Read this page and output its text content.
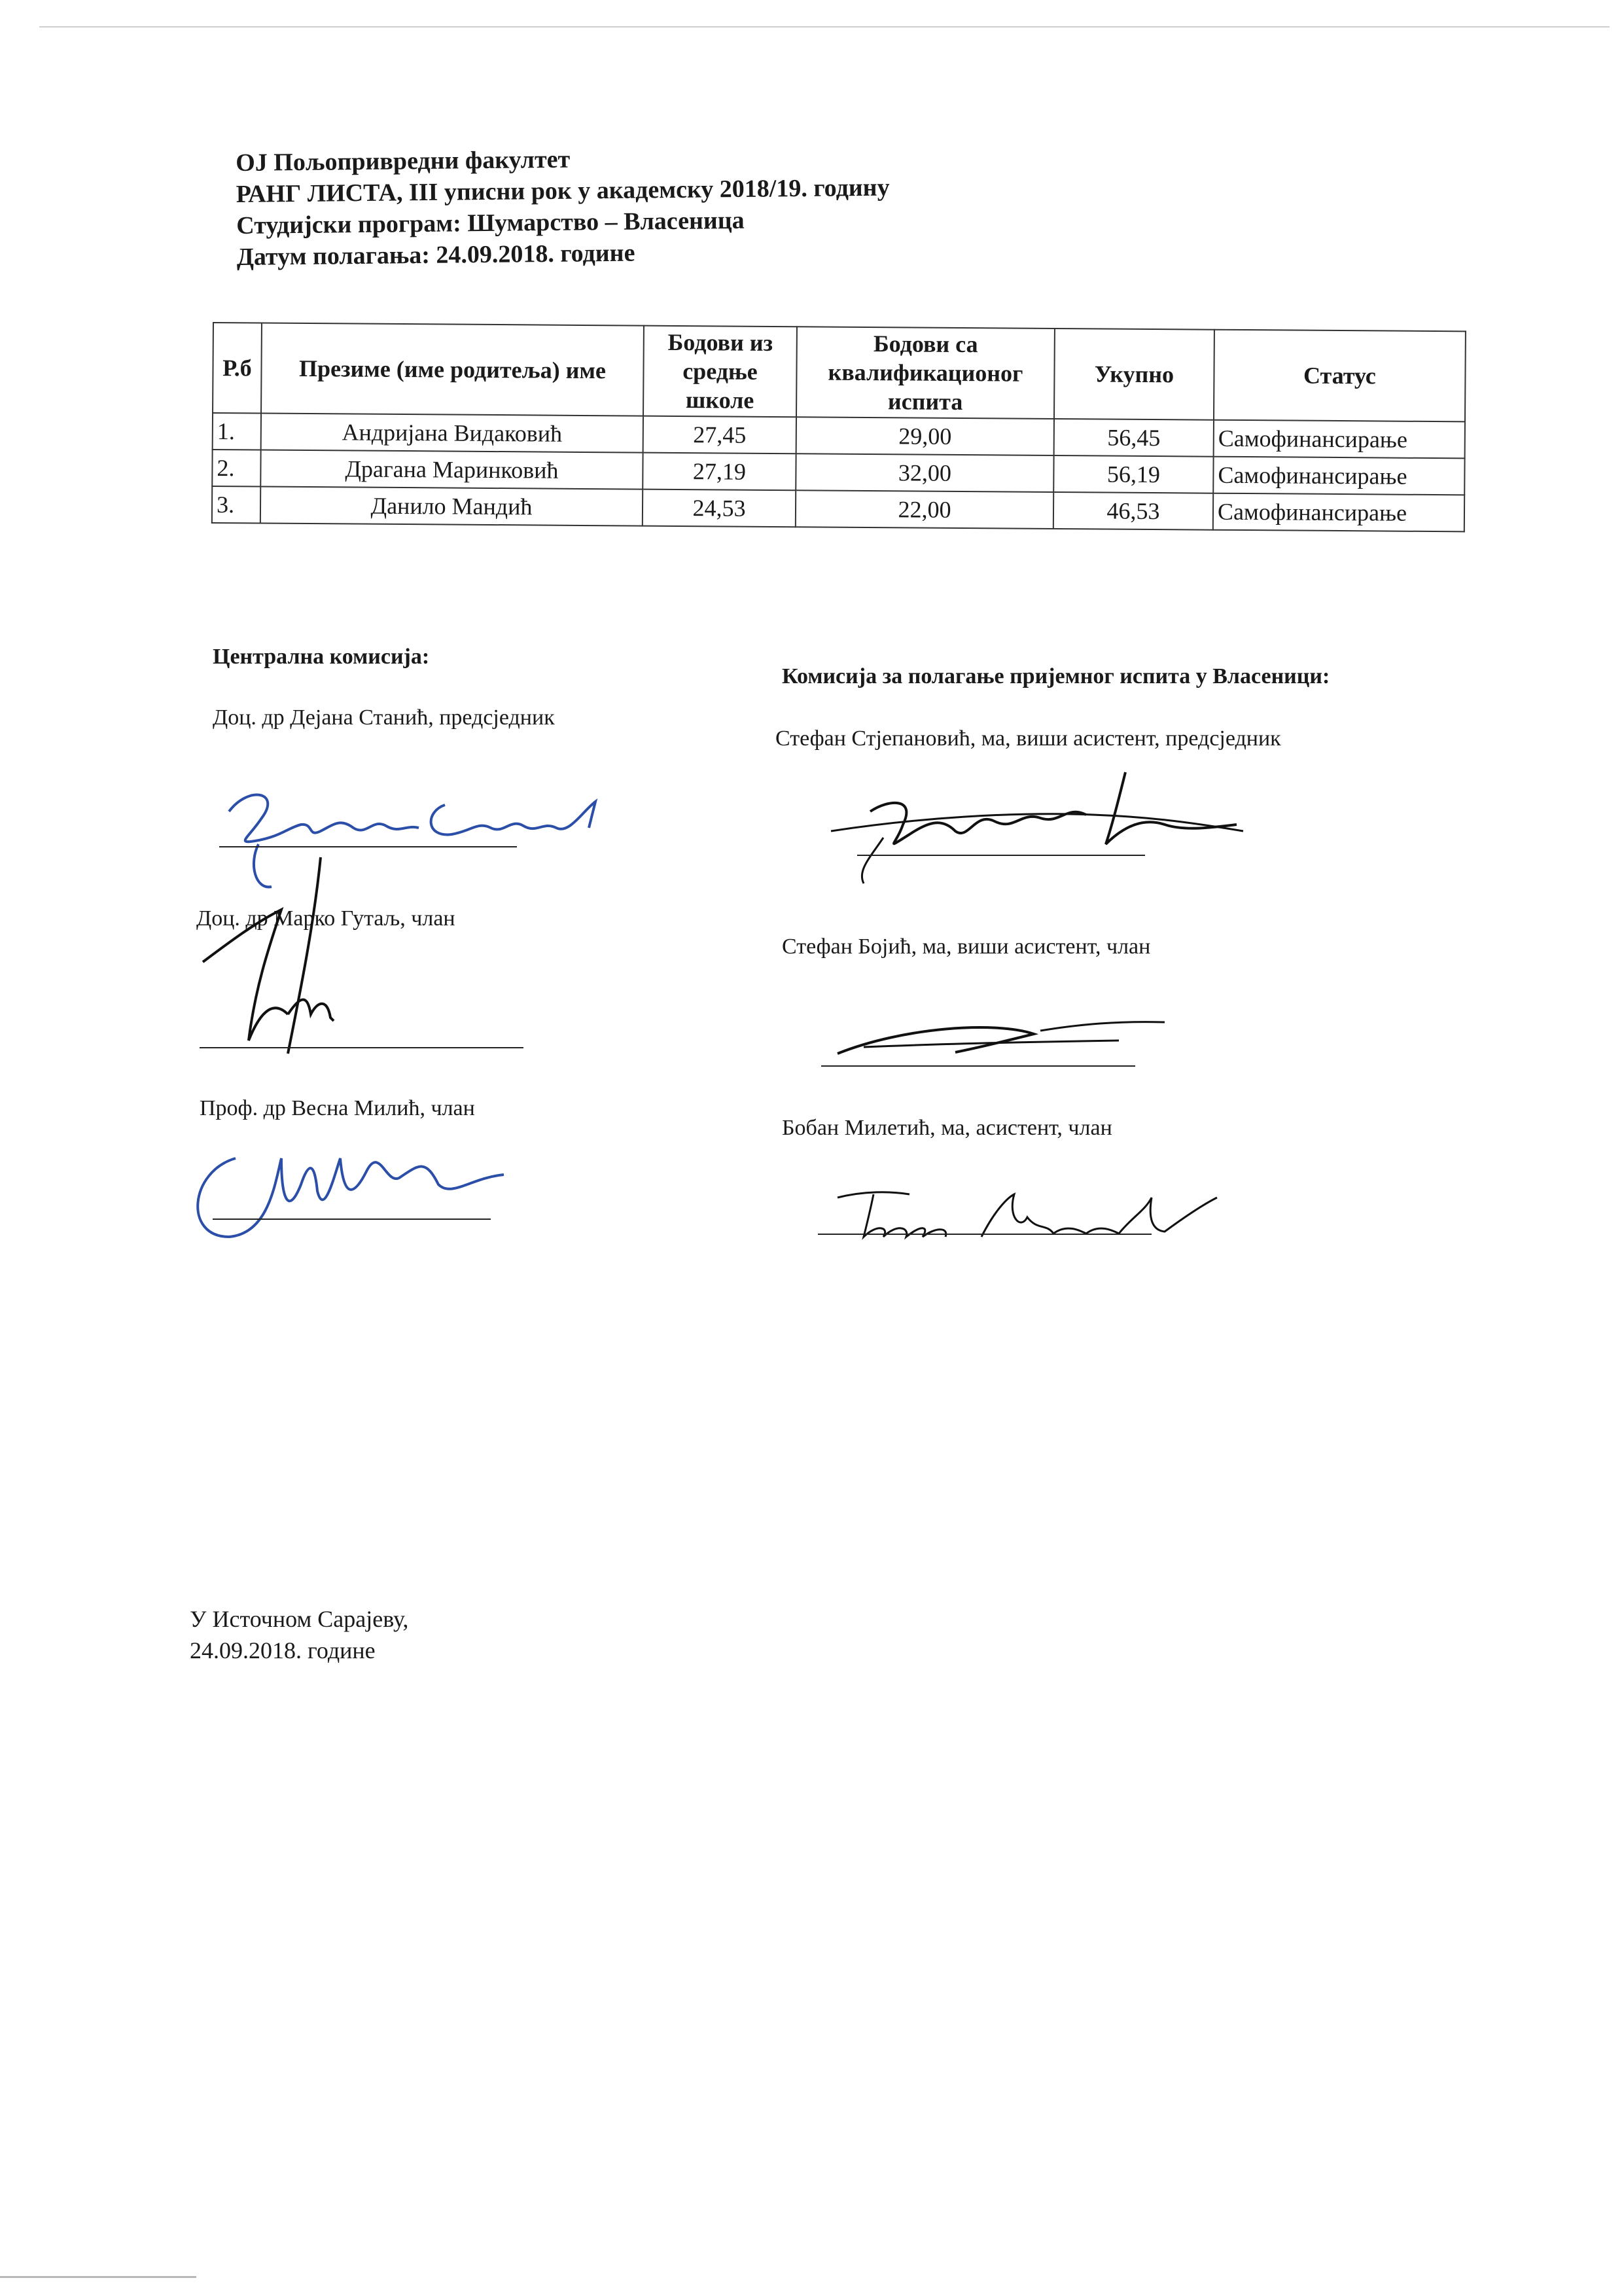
ОЈ Пољопривредни факултет
РАНГ ЛИСТА, III уписни рок у академску 2018/19. годину
Студијски програм: Шумарство – Власеница
Датум полагања: 24.09.2018. године
Р.б	Презиме (име родитеља) име	Бодови из средње школе	Бодови са квалификационог испита	Укупно	Статус
1.	Андријана Видаковић	27,45	29,00	56,45	Самофинансирање
2.	Драгана Маринковић	27,19	32,00	56,19	Самофинансирање
3.	Данило Мандић	24,53	22,00	46,53	Самофинансирање
Централна комисија:
Доц. др Дејана Станић, предсједник
Доц. др Марко Гутаљ, члан
Проф. др Весна Милић, члан
Комисија за полагање пријемног испита у Власеници:
Стефан Стјепановић, ма, виши асистент, предсједник
Стефан Бојић, ма, виши асистент, члан
Бобан Милетић, ма, асистент, члан
У Источном Сарајеву,
24.09.2018. године
